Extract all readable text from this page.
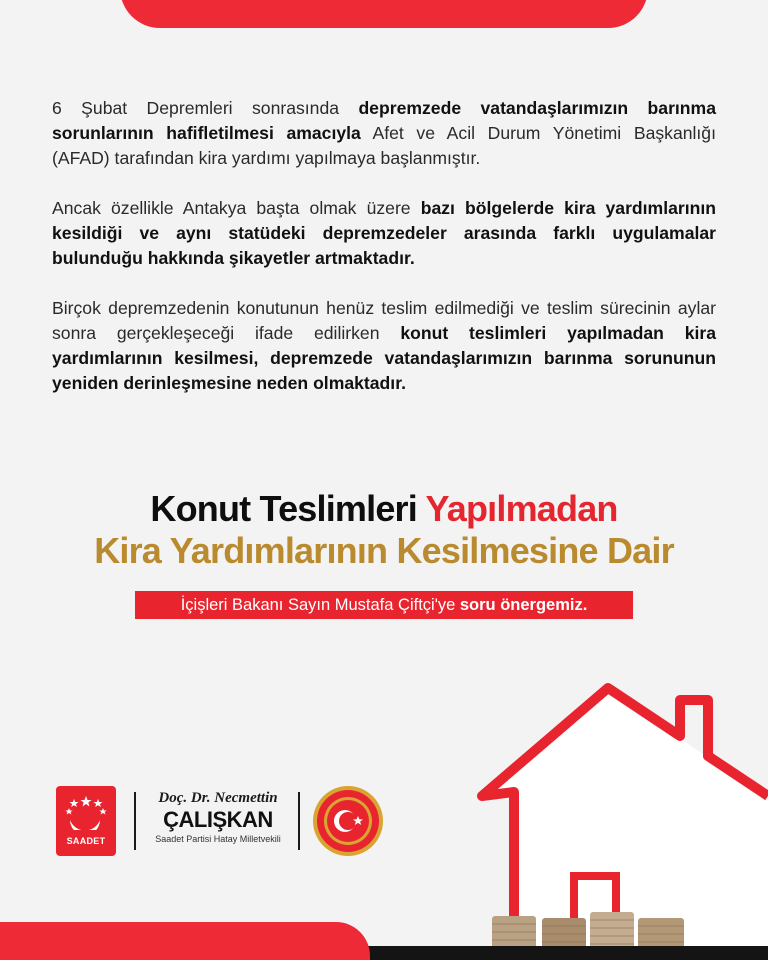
6 Şubat Depremleri sonrasında depremzede vatandaşlarımızın barınma sorunlarının hafifletilmesi amacıyla Afet ve Acil Durum Yönetimi Başkanlığı (AFAD) tarafından kira yardımı yapılmaya başlanmıştır.

Ancak özellikle Antakya başta olmak üzere bazı bölgelerde kira yardımlarının kesildiği ve aynı statüdeki depremzedeler arasında farklı uygulamalar bulunduğu hakkında şikayetler artmaktadır.

Birçok depremzedenin konutunun henüz teslim edilmediği ve teslim sürecinin aylar sonra gerçekleşeceği ifade edilirken konut teslimleri yapılmadan kira yardımlarının kesilmesi, depremzede vatandaşlarımızın barınma sorununun yeniden derinleşmesine neden olmaktadır.

Konut Teslimleri Yapılmadan
Kira Yardımlarının Kesilmesine Dair
İçişleri Bakanı Sayın Mustafa Çiftçi'ye soru önergemiz.
SAADET
Doç. Dr. Necmettin
ÇALIŞKAN
Saadet Partisi Hatay Milletvekili
